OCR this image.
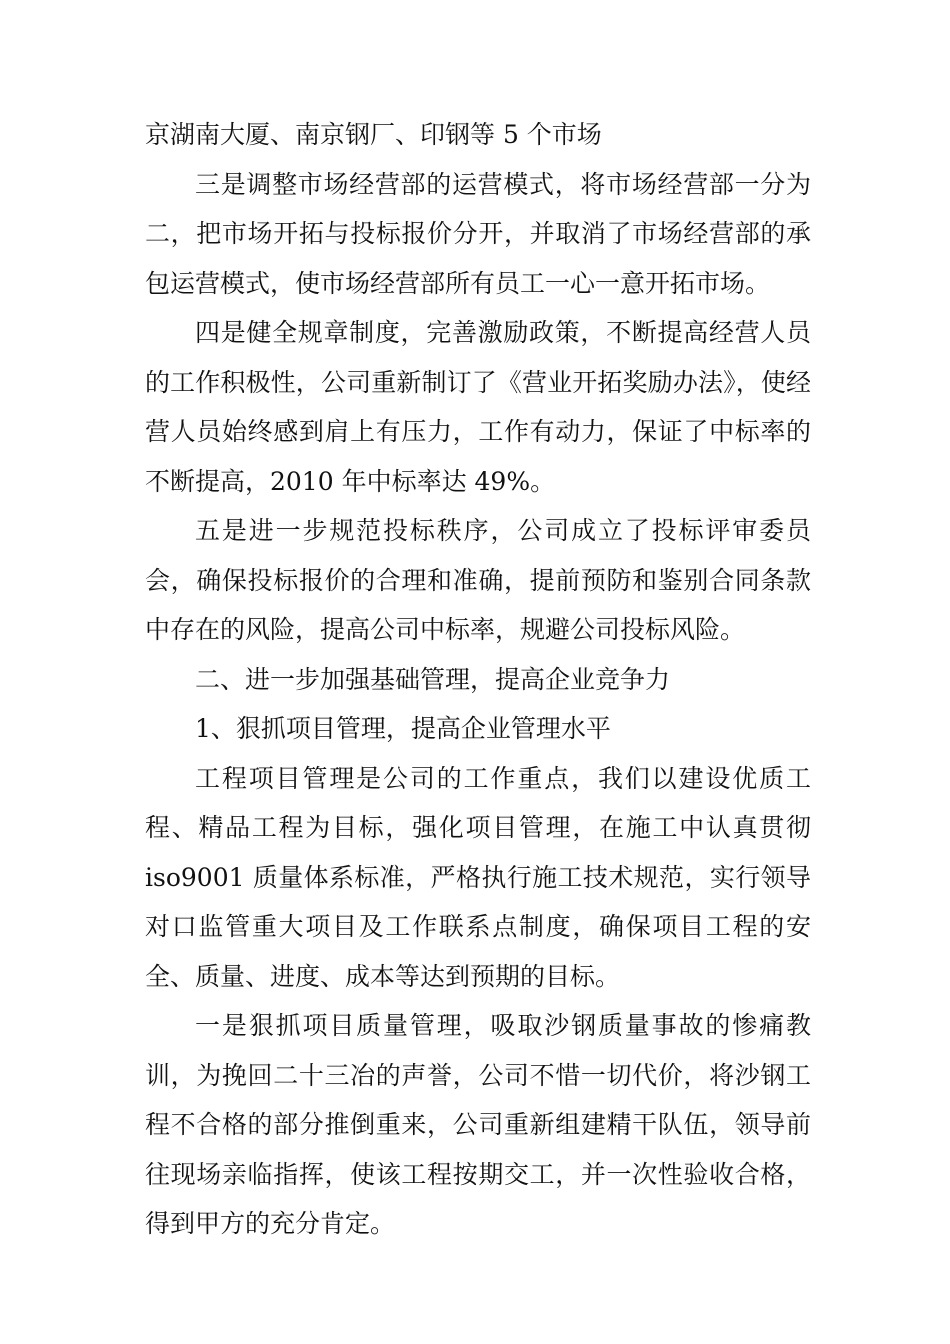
京湖南大厦、南京钢厂、印钢等 5 个市场

三是调整市场经营部的运营模式，将市场经营部一分为二，把市场开拓与投标报价分开，并取消了市场经营部的承包运营模式，使市场经营部所有员工一心一意开拓市场。

四是健全规章制度，完善激励政策，不断提高经营人员的工作积极性，公司重新制订了《营业开拓奖励办法》，使经营人员始终感到肩上有压力，工作有动力，保证了中标率的不断提高，2010 年中标率达 49%。

五是进一步规范投标秩序，公司成立了投标评审委员会，确保投标报价的合理和准确，提前预防和鉴别合同条款中存在的风险，提高公司中标率，规避公司投标风险。

二、进一步加强基础管理，提高企业竞争力

1、狠抓项目管理，提高企业管理水平

工程项目管理是公司的工作重点，我们以建设优质工程、精品工程为目标，强化项目管理，在施工中认真贯彻 iso9001 质量体系标准，严格执行施工技术规范，实行领导对口监管重大项目及工作联系点制度，确保项目工程的安全、质量、进度、成本等达到预期的目标。

一是狠抓项目质量管理，吸取沙钢质量事故的惨痛教训，为挽回二十三冶的声誉，公司不惜一切代价，将沙钢工程不合格的部分推倒重来，公司重新组建精干队伍，领导前往现场亲临指挥，使该工程按期交工，并一次性验收合格，得到甲方的充分肯定。
